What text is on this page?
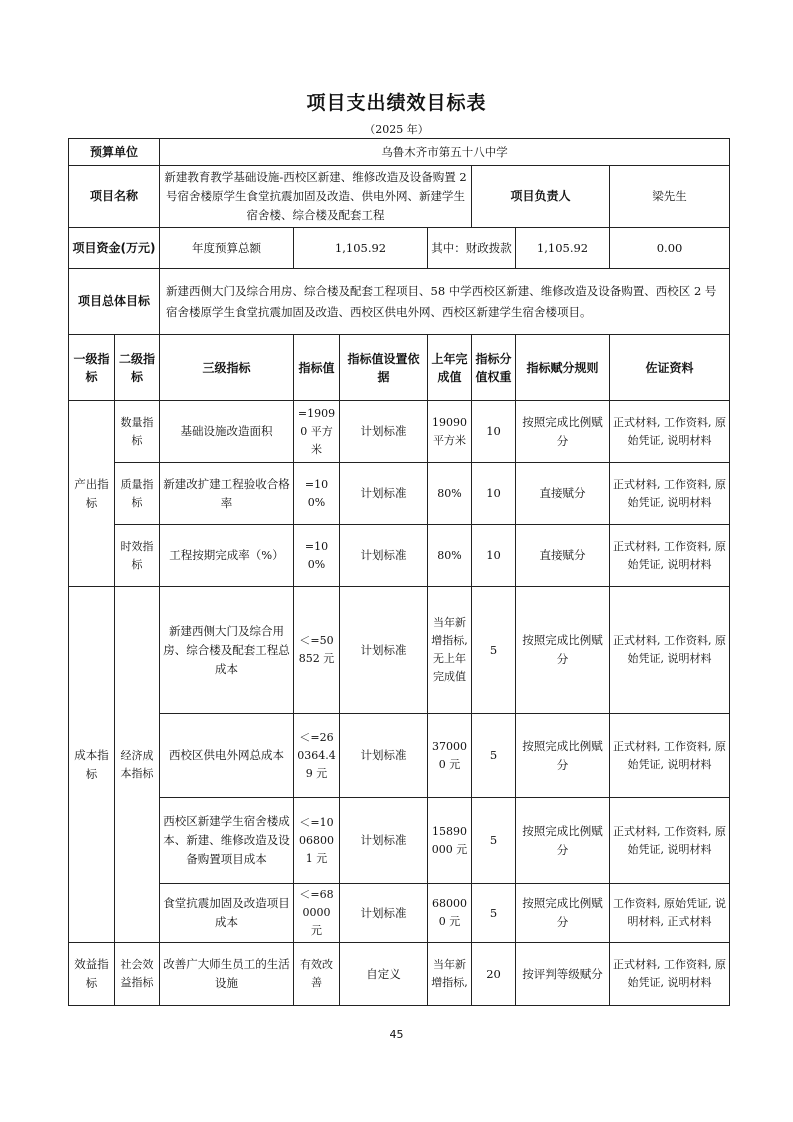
项目支出绩效目标表
（2025 年）
预算单位		乌鲁木齐市第五十八中学						
项目名称		新建教育教学基础设施-西校区新建、维修改造及设备购置 2 号宿舍楼原学生食堂抗震加固及改造、供电外网、新建学生宿舍楼、综合楼及配套工程				项目负责人		梁先生
项目资金(万元)		年度预算总额	1,105.92		其中：财政拨款		1,105.92	0.00
项目总体目标		新建西侧大门及综合用房、综合楼及配套工程项目、58 中学西校区新建、维修改造及设备购置、西校区 2 号宿舍楼原学生食堂抗震加固及改造、西校区供电外网、西校区新建学生宿舍楼项目。						
一级指标	二级指标	三级指标	指标值	指标值设置依据	上年完成值	指标分值权重	指标赋分规则	佐证资料
产出指标	数量指标	基础设施改造面积	=19090 平方米	计划标准	19090 平方米	10	按照完成比例赋分	正式材料, 工作资料, 原始凭证, 说明材料
	质量指标	新建改扩建工程验收合格率	=100%	计划标准	80%	10	直接赋分	正式材料, 工作资料, 原始凭证, 说明材料
	时效指标	工程按期完成率（%）	=100%	计划标准	80%	10	直接赋分	正式材料, 工作资料, 原始凭证, 说明材料
成本指标	经济成本指标	新建西侧大门及综合用房、综合楼及配套工程总成本	＜=50852 元	计划标准	当年新增指标, 无上年完成值	5	按照完成比例赋分	正式材料, 工作资料, 原始凭证, 说明材料
		西校区供电外网总成本	＜=260364.49 元	计划标准	370000 元	5	按照完成比例赋分	正式材料, 工作资料, 原始凭证, 说明材料
		西校区新建学生宿舍楼成本、新建、维修改造及设备购置项目成本	＜=10068001 元	计划标准	15890000 元	5	按照完成比例赋分	正式材料, 工作资料, 原始凭证, 说明材料
		食堂抗震加固及改造项目成本	＜=680000 元	计划标准	680000 元	5	按照完成比例赋分	工作资料, 原始凭证, 说明材料, 正式材料
效益指标	社会效益指标	改善广大师生员工的生活设施	有效改善	自定义	当年新增指标,	20	按评判等级赋分	正式材料, 工作资料, 原始凭证, 说明材料
45
